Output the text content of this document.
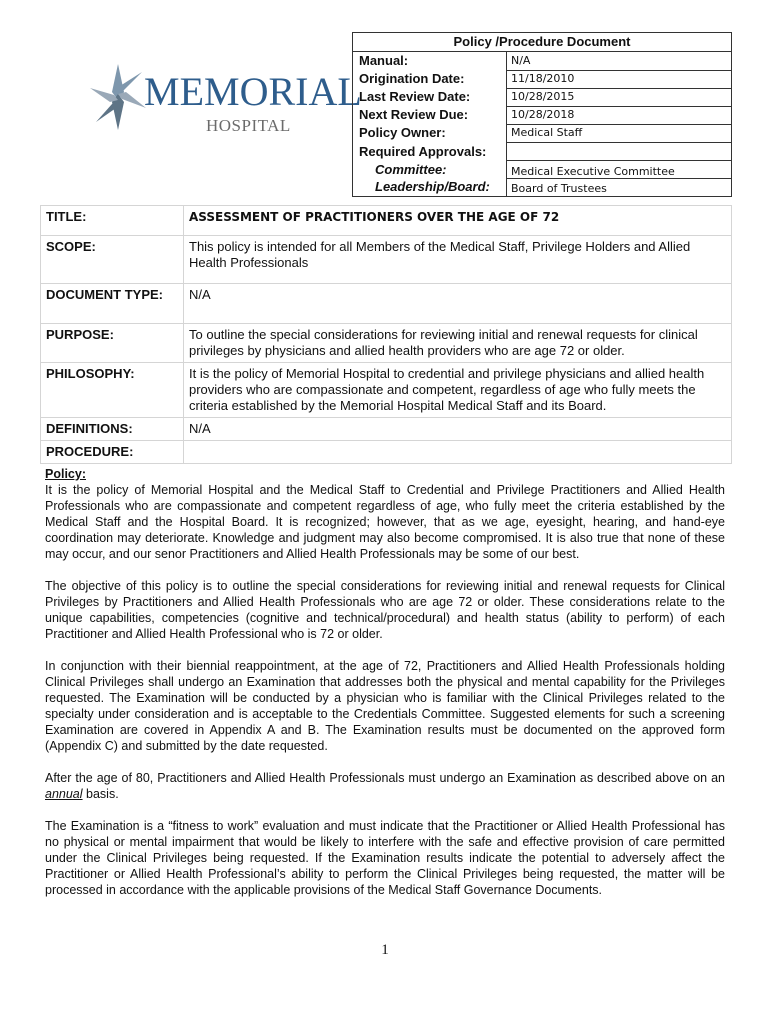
MEMORIAL
HOSPITAL
Policy /Procedure Document
Manual:	N/A
Origination Date:	11/18/2010
Last Review Date:	10/28/2015
Next Review Due:	10/28/2018
Policy Owner:	Medical Staff
Required Approvals:
Committee:	Medical Executive Committee
Leadership/Board: Board of Trustees
TITLE:	ASSESSMENT OF PRACTITIONERS OVER THE AGE OF 72
SCOPE:	This policy is intended for all Members of the Medical Staff, Privilege Holders and Allied Health Professionals
DOCUMENT TYPE:	N/A
PURPOSE:	To outline the special considerations for reviewing initial and renewal requests for clinical privileges by physicians and allied health providers who are age 72 or older.
PHILOSOPHY:	It is the policy of Memorial Hospital to credential and privilege physicians and allied health providers who are compassionate and competent, regardless of age who fully meets the criteria established by the Memorial Hospital Medical Staff and its Board.
DEFINITIONS:	N/A
PROCEDURE:	
Policy:

It is the policy of Memorial Hospital and the Medical Staff to Credential and Privilege Practitioners and Allied Health Professionals who are compassionate and competent regardless of age, who fully meet the criteria established by the Medical Staff and the Hospital Board. It is recognized; however, that as we age, eyesight, hearing, and hand-eye coordination may deteriorate. Knowledge and judgment may also become compromised. It is also true that none of these may occur, and our senor Practitioners and Allied Health Professionals may be some of our best.

The objective of this policy is to outline the special considerations for reviewing initial and renewal requests for Clinical Privileges by Practitioners and Allied Health Professionals who are age 72 or older. These considerations relate to the unique capabilities, competencies (cognitive and technical/procedural) and health status (ability to perform) of each Practitioner and Allied Health Professional who is 72 or older.

In conjunction with their biennial reappointment, at the age of 72, Practitioners and Allied Health Professionals holding Clinical Privileges shall undergo an Examination that addresses both the physical and mental capability for the Privileges requested. The Examination will be conducted by a physician who is familiar with the Clinical Privileges related to the specialty under consideration and is acceptable to the Credentials Committee. Suggested elements for such a screening Examination are covered in Appendix A and B. The Examination results must be documented on the approved form (Appendix C) and submitted by the date requested.

After the age of 80, Practitioners and Allied Health Professionals must undergo an Examination as described above on an annual basis.

The Examination is a “fitness to work” evaluation and must indicate that the Practitioner or Allied Health Professional has no physical or mental impairment that would be likely to interfere with the safe and effective provision of care permitted under the Clinical Privileges being requested. If the Examination results indicate the potential to adversely affect the Practitioner or Allied Health Professional’s ability to perform the Clinical Privileges being requested, the matter will be processed in accordance with the applicable provisions of the Medical Staff Governance Documents.

1
